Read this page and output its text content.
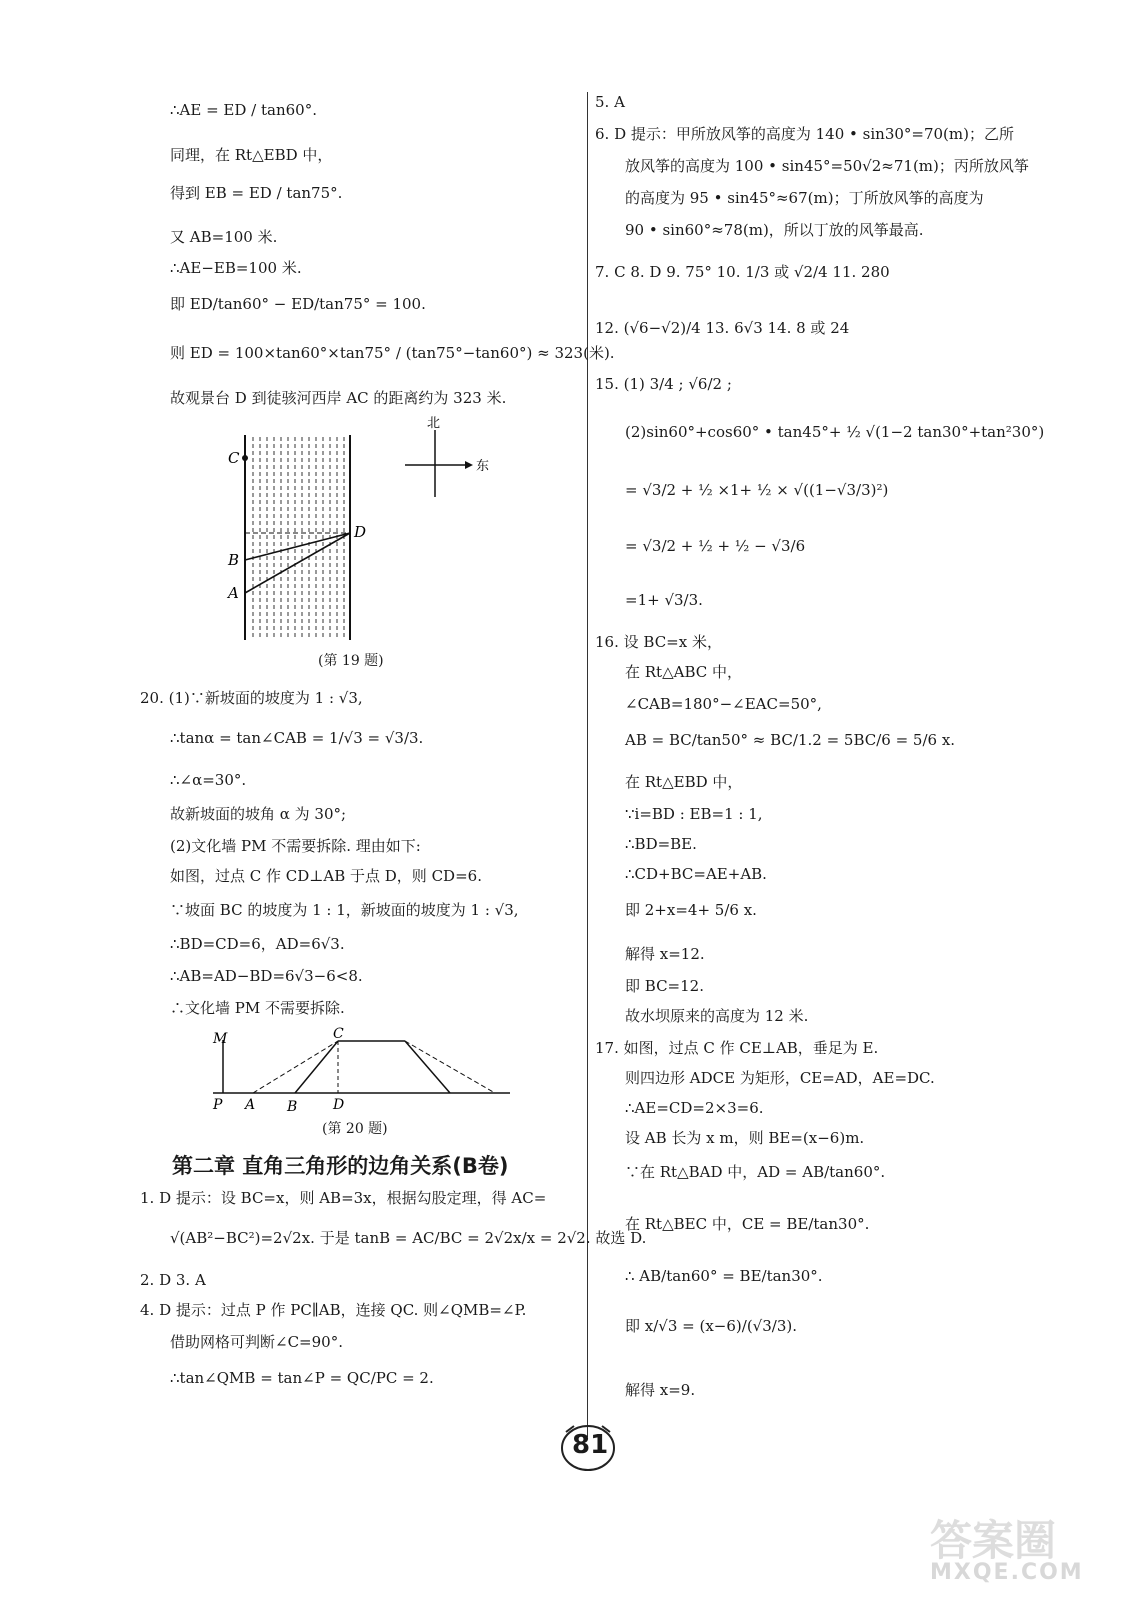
∴AE = ED / tan60°.
同理，在 Rt△EBD 中，
得到 EB = ED / tan75°.
又 AB=100 米.
∴AE−EB=100 米.
即 ED/tan60° − ED/tan75° = 100.
则 ED = 100×tan60°×tan75° / (tan75°−tan60°) ≈ 323(米).
故观景台 D 到徒骇河西岸 AC 的距离约为 323 米.
20. (1)∵新坡面的坡度为 1 : √3,
∴tanα = tan∠CAB = 1/√3 = √3/3.
∴∠α=30°.
故新坡面的坡角 α 为 30°;
(2)文化墙 PM 不需要拆除. 理由如下:
如图，过点 C 作 CD⊥AB 于点 D，则 CD=6.
∵坡面 BC 的坡度为 1 : 1，新坡面的坡度为 1 : √3,
∴BD=CD=6，AD=6√3.
∴AB=AD−BD=6√3−6<8.
∴文化墙 PM 不需要拆除.
1. D 提示：设 BC=x，则 AB=3x，根据勾股定理，得 AC=
√(AB²−BC²)=2√2x. 于是 tanB = AC/BC = 2√2x/x = 2√2. 故选 D.
2. D 3. A
4. D 提示：过点 P 作 PC∥AB，连接 QC. 则∠QMB=∠P.
借助网格可判断∠C=90°.
∴tan∠QMB = tan∠P = QC/PC = 2.
5. A
6. D 提示：甲所放风筝的高度为 140 • sin30°=70(m)；乙所
放风筝的高度为 100 • sin45°=50√2≈71(m)；丙所放风筝
的高度为 95 • sin45°≈67(m)；丁所放风筝的高度为
90 • sin60°≈78(m)，所以丁放的风筝最高.
7. C 8. D 9. 75° 10. 1/3 或 √2/4 11. 280
12. (√6−√2)/4 13. 6√3 14. 8 或 24
15. (1) 3/4 ; √6/2 ;
(2)sin60°+cos60° • tan45°+ ½ √(1−2 tan30°+tan²30°)
= √3/2 + ½ ×1+ ½ × √((1−√3/3)²)
= √3/2 + ½ + ½ − √3/6
=1+ √3/3.
16. 设 BC=x 米，
在 Rt△ABC 中，
∠CAB=180°−∠EAC=50°,
AB = BC/tan50° ≈ BC/1.2 = 5BC/6 = 5/6 x.
在 Rt△EBD 中，
∵i=BD : EB=1 : 1,
∴BD=BE.
∴CD+BC=AE+AB.
即 2+x=4+ 5/6 x.
解得 x=12.
即 BC=12.
故水坝原来的高度为 12 米.
17. 如图，过点 C 作 CE⊥AB，垂足为 E.
则四边形 ADCE 为矩形，CE=AD，AE=DC.
∴AE=CD=2×3=6.
设 AB 长为 x m，则 BE=(x−6)m.
∵在 Rt△BAD 中，AD = AB/tan60°.
在 Rt△BEC 中，CE = BE/tan30°.
∴ AB/tan60° = BE/tan30°.
即 x/√3 = (x−6)/(√3/3).
解得 x=9.
C
B
A
D
北
东
(第 19 题)
M
P A B	D
C
(第 20 题)
第二章 直角三角形的边角关系(B卷)
81
答案圈
MXQE.COM
